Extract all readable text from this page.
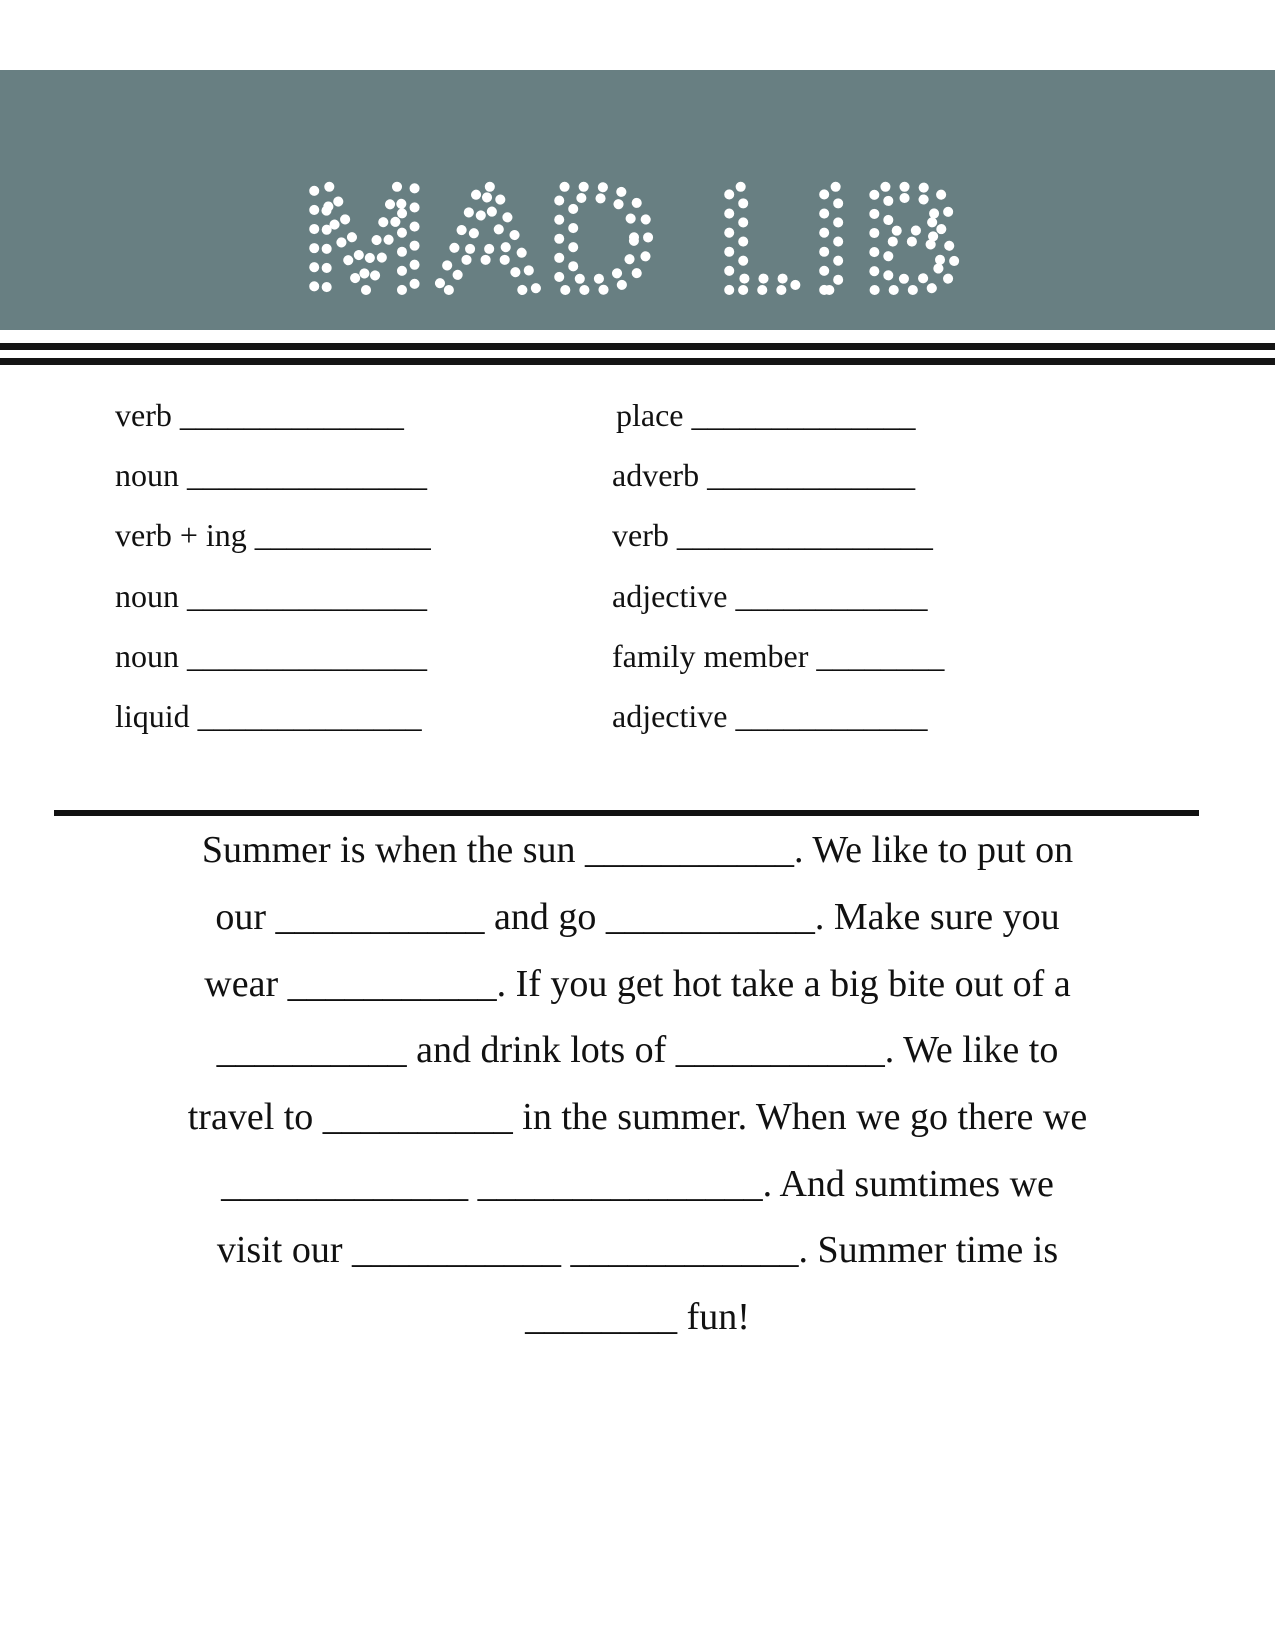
MAD LIB
verb ______________
noun _______________
verb + ing ___________
noun _______________
noun _______________
liquid ______________
place ______________
adverb _____________
verb ________________
adjective ____________
family member ________
adjective ____________
Summer is when the sun ___________. We like to put on
our ___________ and go ___________. Make sure you
wear ___________. If you get hot take a big bite out of a
__________ and drink lots of ___________. We like to
travel to __________ in the summer. When we go there we
_____________ _______________. And sumtimes we
visit our ___________ ____________. Summer time is
________ fun!
